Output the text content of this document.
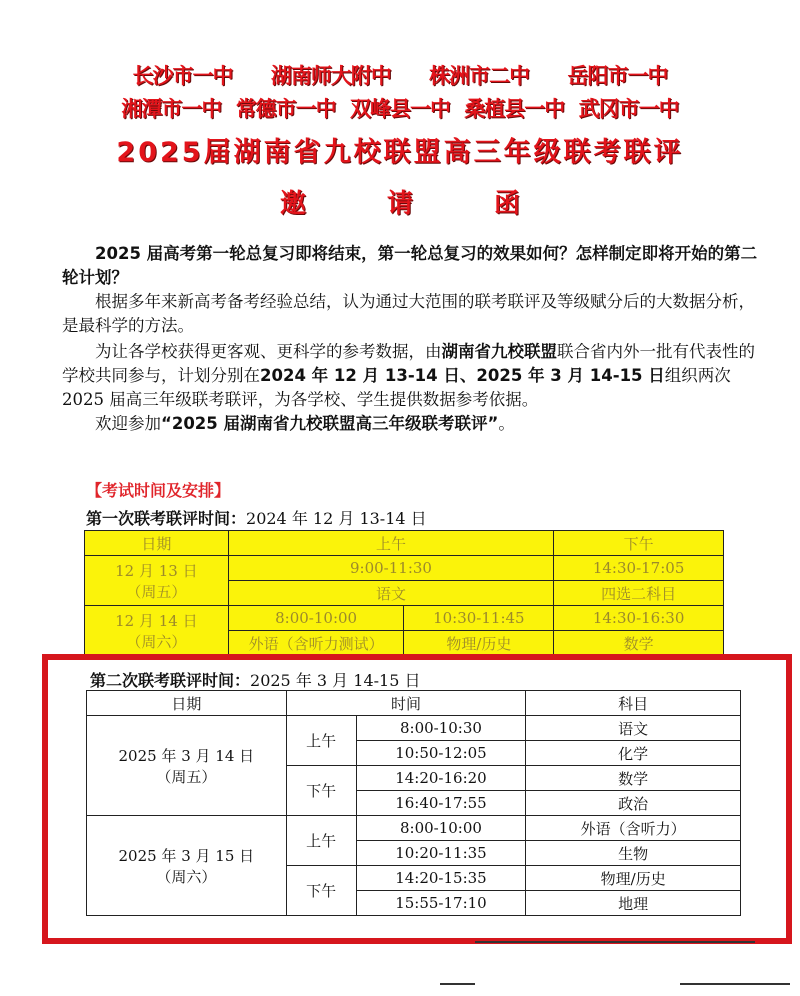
长沙市一中 湖南师大附中 株洲市二中 岳阳市一中
湘潭市一中 常德市一中 双峰县一中 桑植县一中 武冈市一中
2025届湖南省九校联盟高三年级联考联评
邀 请 函

2025 届高考第一轮总复习即将结束，第一轮总复习的效果如何？怎样制定即将开始的第二轮计划？

根据多年来新高考备考经验总结，认为通过大范围的联考联评及等级赋分后的大数据分析，是最科学的方法。

为让各学校获得更客观、更科学的参考数据，由湖南省九校联盟联合省内外一批有代表性的学校共同参与，计划分别在2024 年 12 月 13-14 日、2025 年 3 月 14-15 日组织两次 2025 届高三年级联考联评，为各学校、学生提供数据参考依据。

欢迎参加“2025 届湖南省九校联盟高三年级联考联评”。

【考试时间及安排】
第一次联考联评时间：2024 年 12 月 13-14 日
日期	上午		下午

12 月 13 日
（周五）	9:00-11:30		14:30-17:05
	语文		四选二科目

12 月 14 日
（周六）	8:00-10:00	10:30-11:45	14:30-16:30
	外语（含听力测试）	物理/历史	数学
第二次联考联评时间：2025 年 3 月 14-15 日
日期	时间		科目

2025 年 3 月 14 日
（周五）	上午	8:00-10:30	语文
		10:50-12:05	化学
	下午	14:20-16:20	数学
		16:40-17:55	政治

2025 年 3 月 15 日
（周六）	上午	8:00-10:00	外语（含听力）
		10:20-11:35	生物
	下午	14:20-15:35	物理/历史
		15:55-17:10	地理
